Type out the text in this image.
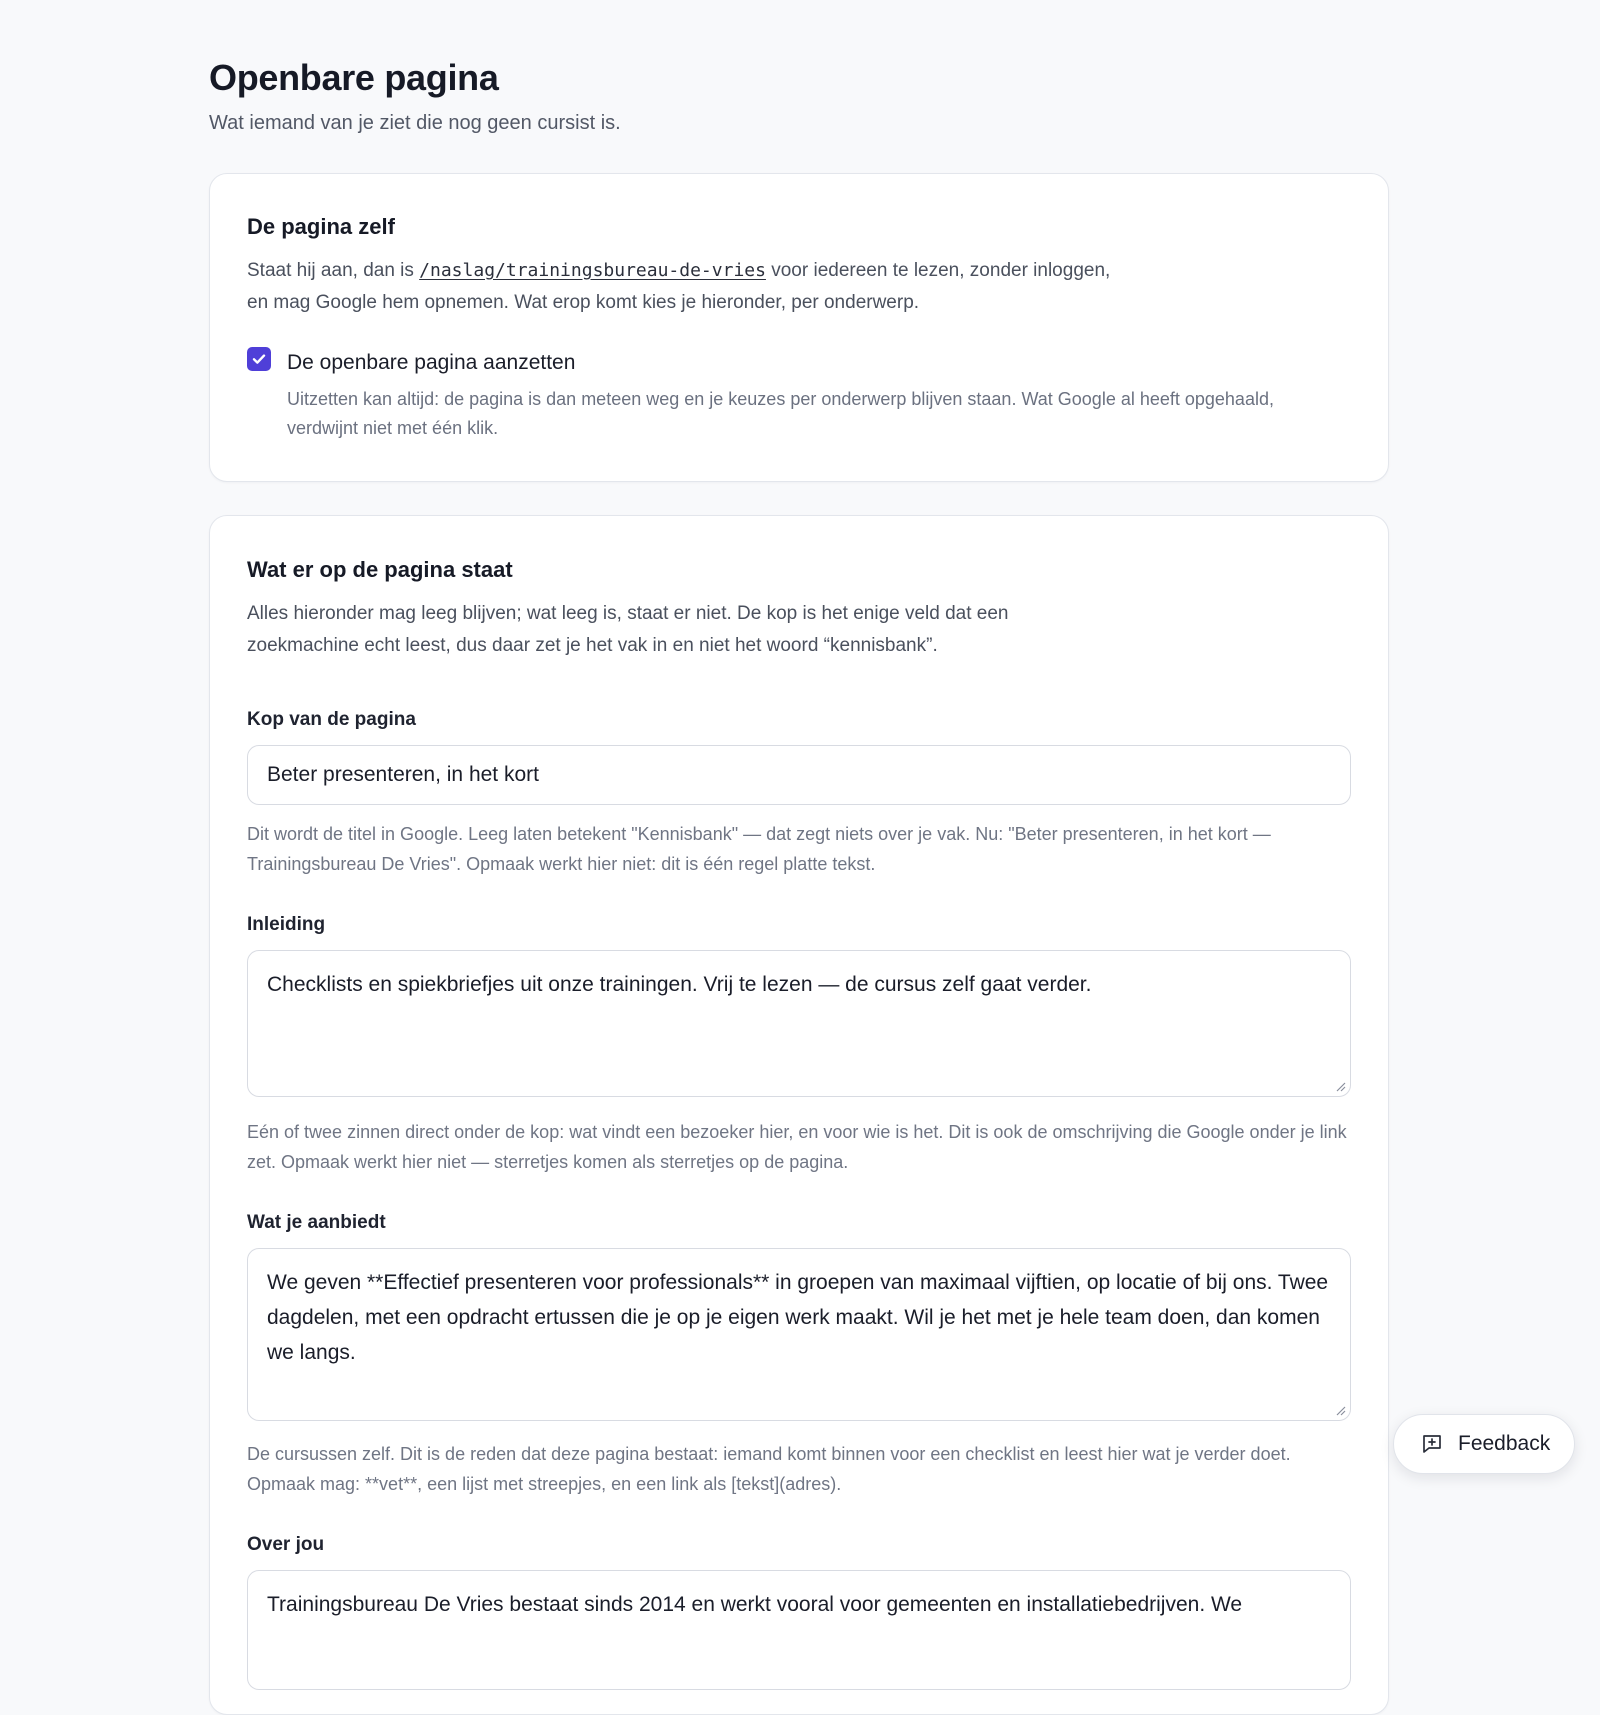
Openbare pagina

Wat iemand van je ziet die nog geen cursist is.

De pagina zelf
Staat hij aan, dan is /naslag/trainingsbureau-de-vries voor iedereen te lezen, zonder inloggen, en mag Google hem opnemen. Wat erop komt kies je hieronder, per onderwerp.
De openbare pagina aanzetten
Uitzetten kan altijd: de pagina is dan meteen weg en je keuzes per onderwerp blijven staan. Wat Google al heeft opgehaald, verdwijnt niet met één klik.
Wat er op de pagina staat
Alles hieronder mag leeg blijven; wat leeg is, staat er niet. De kop is het enige veld dat een zoekmachine echt leest, dus daar zet je het vak in en niet het woord “kennisbank”.
Kop van de pagina
Beter presenteren, in het kort
Dit wordt de titel in Google. Leeg laten betekent "Kennisbank" — dat zegt niets over je vak. Nu: "Beter presenteren, in het kort — Trainingsbureau De Vries". Opmaak werkt hier niet: dit is één regel platte tekst.
Inleiding
Checklists en spiekbriefjes uit onze trainingen. Vrij te lezen — de cursus zelf gaat verder.
Eén of twee zinnen direct onder de kop: wat vindt een bezoeker hier, en voor wie is het. Dit is ook de omschrijving die Google onder je link zet. Opmaak werkt hier niet — sterretjes komen als sterretjes op de pagina.
Wat je aanbiedt
We geven **Effectief presenteren voor professionals** in groepen van maximaal vijftien, op locatie of bij ons. Twee dagdelen, met een opdracht ertussen die je op je eigen werk maakt. Wil je het met je hele team doen, dan komen we langs.
De cursussen zelf. Dit is de reden dat deze pagina bestaat: iemand komt binnen voor een checklist en leest hier wat je verder doet. Opmaak mag: **vet**, een lijst met streepjes, en een link als [tekst](adres).
Over jou
Trainingsbureau De Vries bestaat sinds 2014 en werkt vooral voor gemeenten en installatiebedrijven. We
Feedback
